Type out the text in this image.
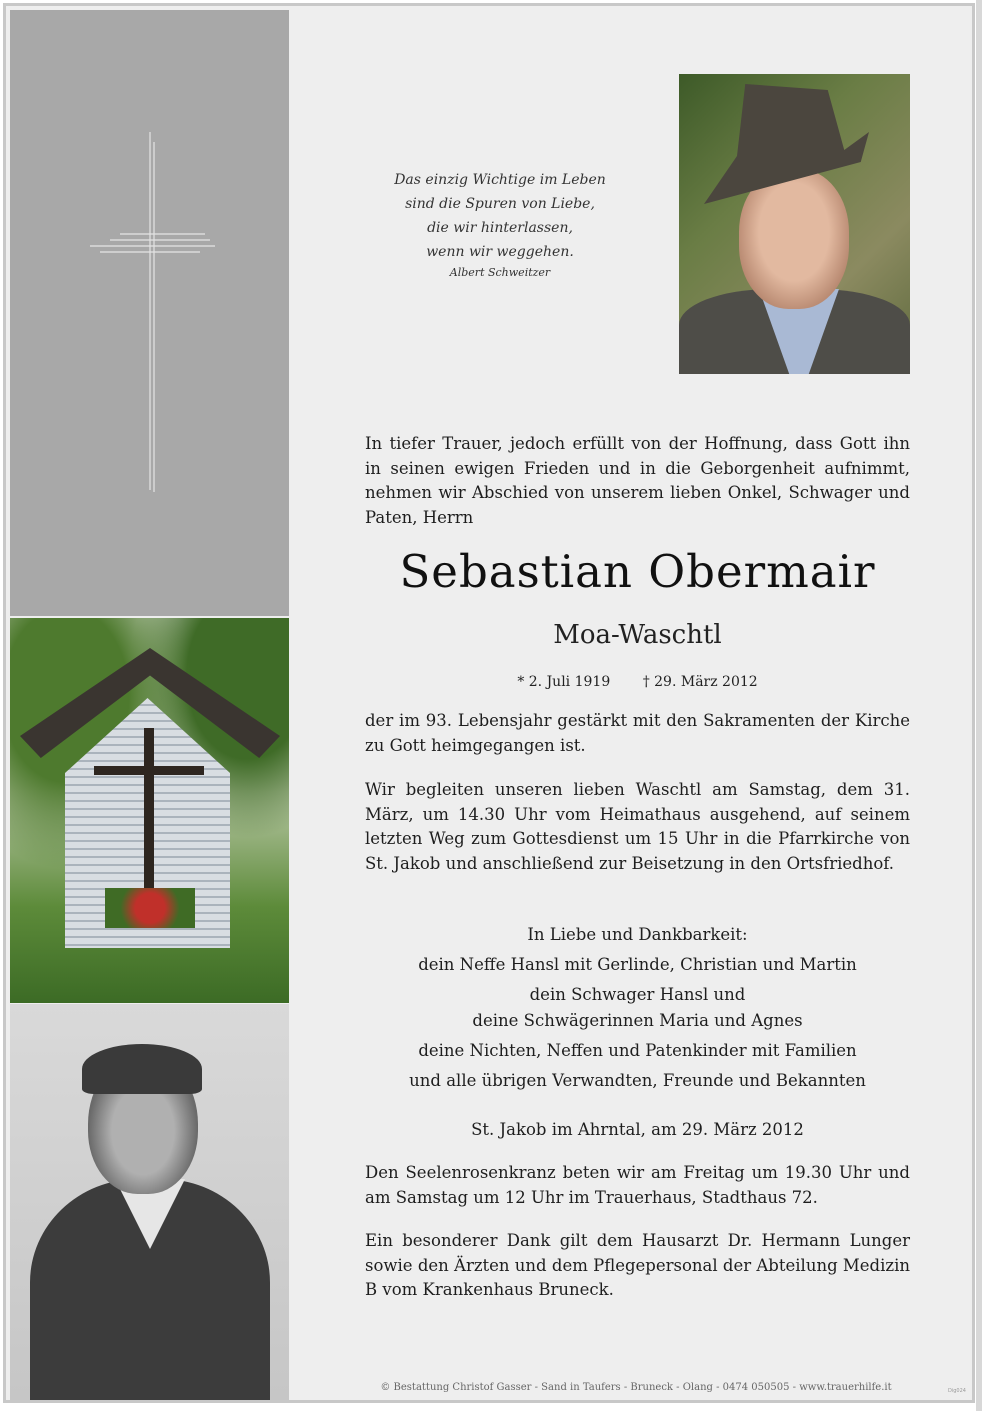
Das einzig Wichtige im Leben
sind die Spuren von Liebe,
die wir hinterlassen,
wenn wir weggehen.
Albert Schweitzer
In tiefer Trauer, jedoch erfüllt von der Hoffnung, dass Gott ihn in seinen ewigen Frieden und in die Geborgenheit aufnimmt, nehmen wir Abschied von unserem lieben Onkel, Schwager und Paten, Herrn
Sebastian Obermair
Moa-Waschtl
* 2. Juli 1919 † 29. März 2012
der im 93. Lebensjahr gestärkt mit den Sakramenten der Kirche zu Gott heimgegangen ist.
Wir begleiten unseren lieben Waschtl am Samstag, dem 31. März, um 14.30 Uhr vom Heimathaus ausgehend, auf seinem letzten Weg zum Gottesdienst um 15 Uhr in die Pfarrkirche von St. Jakob und anschließend zur Beisetzung in den Ortsfriedhof.
In Liebe und Dankbarkeit:
dein Neffe Hansl mit Gerlinde, Christian und Martin
dein Schwager Hansl und
deine Schwägerinnen Maria und Agnes
deine Nichten, Neffen und Patenkinder mit Familien
und alle übrigen Verwandten, Freunde und Bekannten
St. Jakob im Ahrntal, am 29. März 2012
Den Seelenrosenkranz beten wir am Freitag um 19.30 Uhr und am Samstag um 12 Uhr im Trauerhaus, Stadthaus 72.
Ein besonderer Dank gilt dem Hausarzt Dr. Hermann Lunger sowie den Ärzten und dem Pflegepersonal der Abteilung Medizin B vom Krankenhaus Bruneck.
© Bestattung Christof Gasser - Sand in Taufers - Bruneck - Olang - 0474 050505 - www.trauerhilfe.it	Dig024
